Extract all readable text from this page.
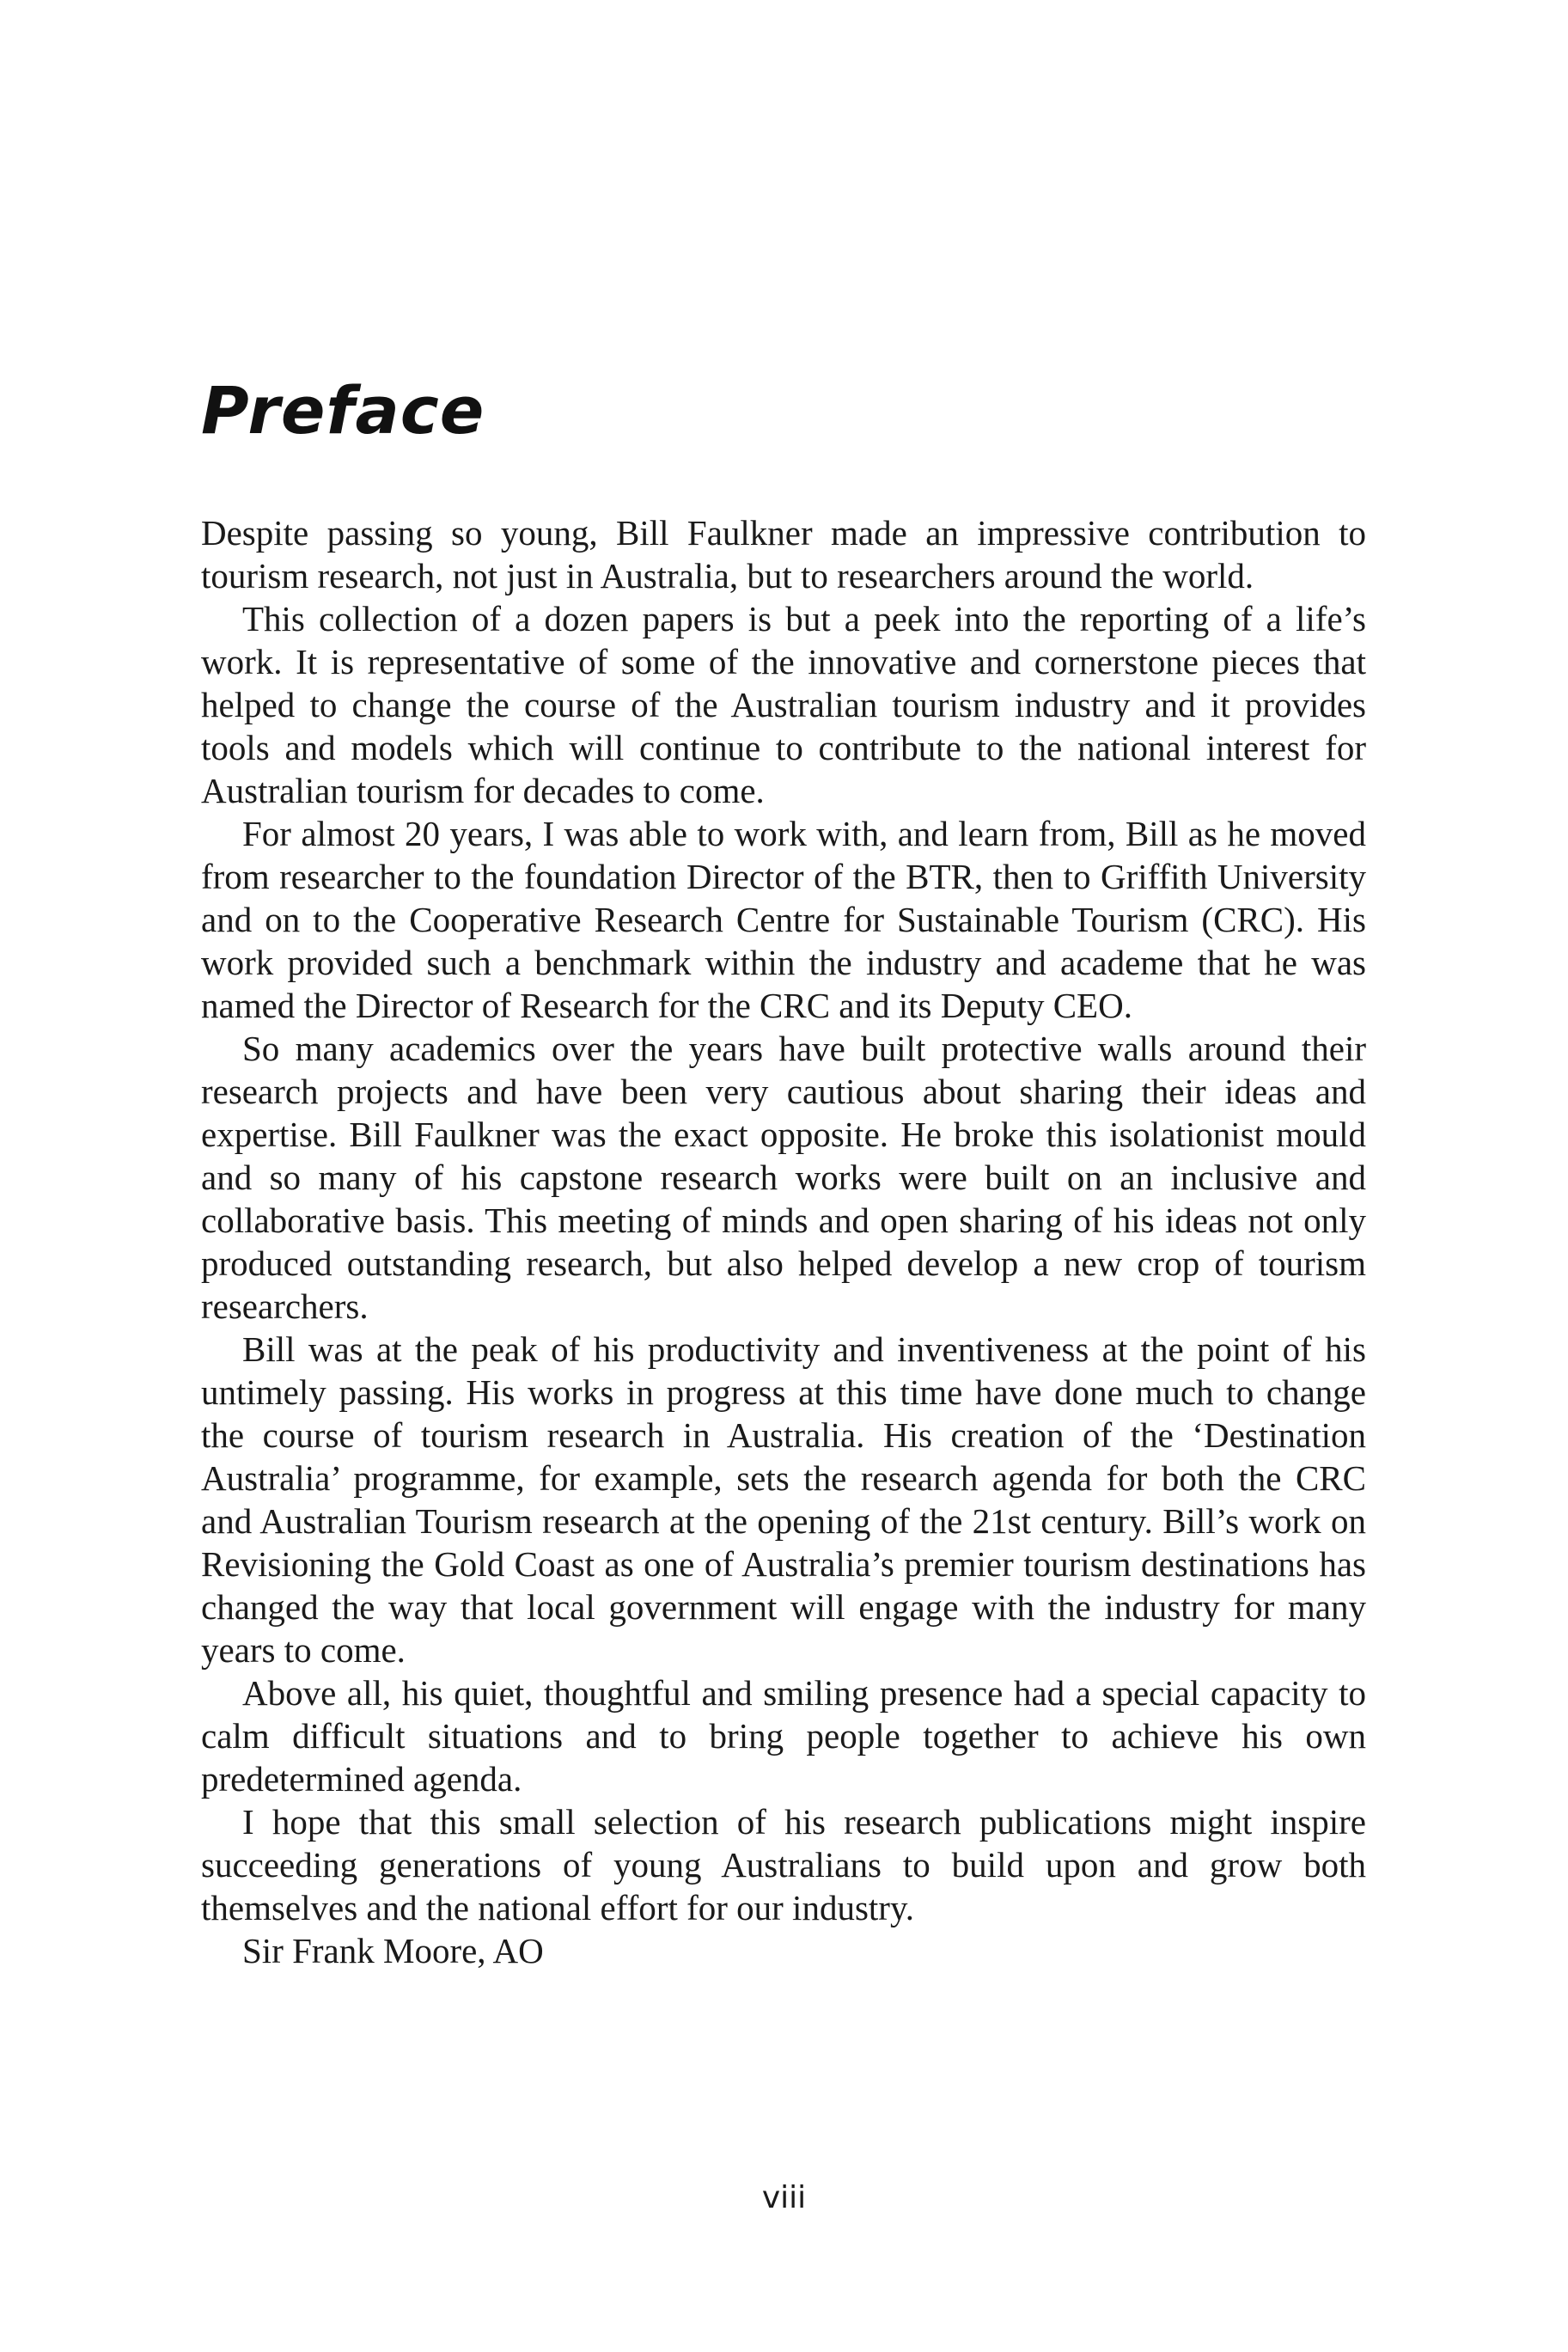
Preface

Despite passing so young, Bill Faulkner made an impressive contribution to tourism research, not just in Australia, but to researchers around the world.

This collection of a dozen papers is but a peek into the reporting of a life’s work. It is representative of some of the innovative and cornerstone pieces that helped to change the course of the Australian tourism industry and it provides tools and models which will continue to contribute to the national interest for Australian tourism for decades to come.

For almost 20 years, I was able to work with, and learn from, Bill as he moved from researcher to the foundation Director of the BTR, then to Griffith University and on to the Cooperative Research Centre for Sustainable Tourism (CRC). His work provided such a benchmark within the industry and academe that he was named the Director of Research for the CRC and its Deputy CEO.

So many academics over the years have built protective walls around their research projects and have been very cautious about sharing their ideas and expertise. Bill Faulkner was the exact opposite. He broke this isolationist mould and so many of his capstone research works were built on an inclusive and collaborative basis. This meeting of minds and open sharing of his ideas not only produced outstanding research, but also helped develop a new crop of tourism researchers.

Bill was at the peak of his productivity and inventiveness at the point of his untimely passing. His works in progress at this time have done much to change the course of tourism research in Australia. His creation of the ‘Destination Australia’ programme, for example, sets the research agenda for both the CRC and Australian Tourism research at the opening of the 21st century. Bill’s work on Revisioning the Gold Coast as one of Australia’s premier tourism destinations has changed the way that local government will engage with the industry for many years to come.

Above all, his quiet, thoughtful and smiling presence had a special capacity to calm difficult situations and to bring people together to achieve his own predetermined agenda.

I hope that this small selection of his research publications might inspire succeeding generations of young Australians to build upon and grow both themselves and the national effort for our industry.

Sir Frank Moore, AO

viii
